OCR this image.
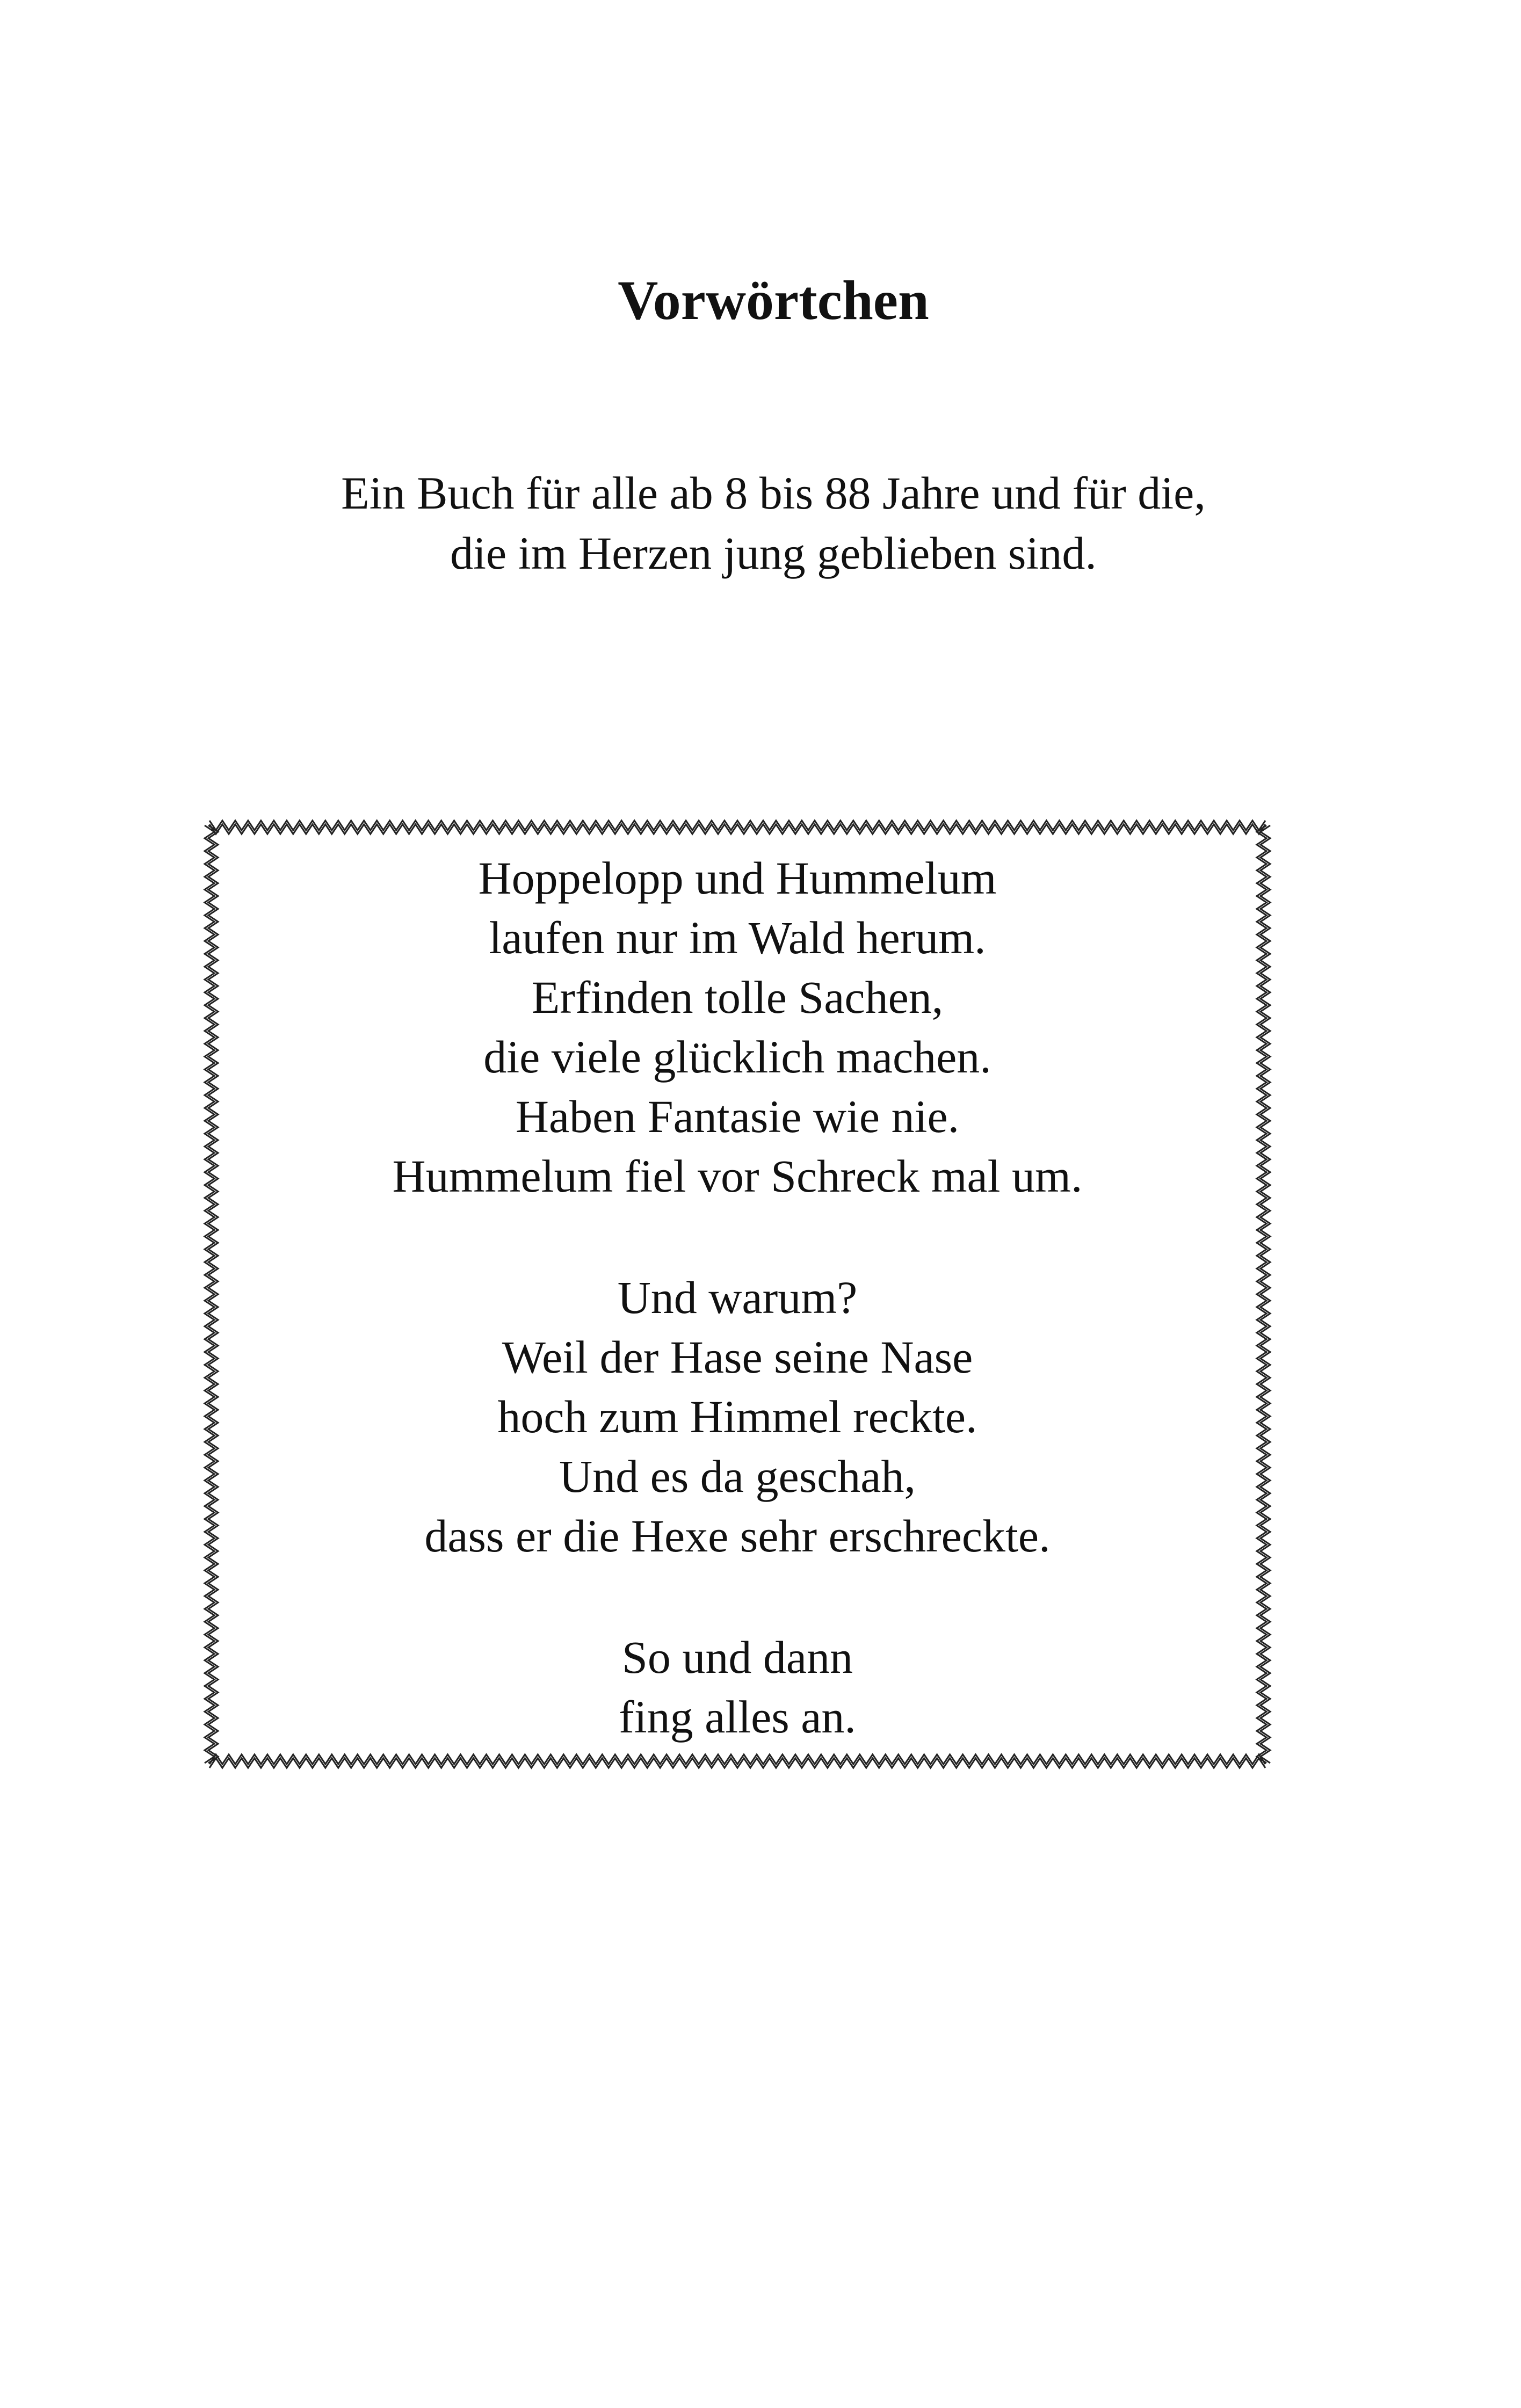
Vorwörtchen
Ein Buch für alle ab 8 bis 88 Jahre und für die,
die im Herzen jung geblieben sind.
Hoppelopp und Hummelum
laufen nur im Wald herum.
Erfinden tolle Sachen,
die viele glücklich machen.
Haben Fantasie wie nie.
Hummelum fiel vor Schreck mal um.
Und warum?
Weil der Hase seine Nase
hoch zum Himmel reckte.
Und es da geschah,
dass er die Hexe sehr erschreckte.
So und dann
fing alles an.
